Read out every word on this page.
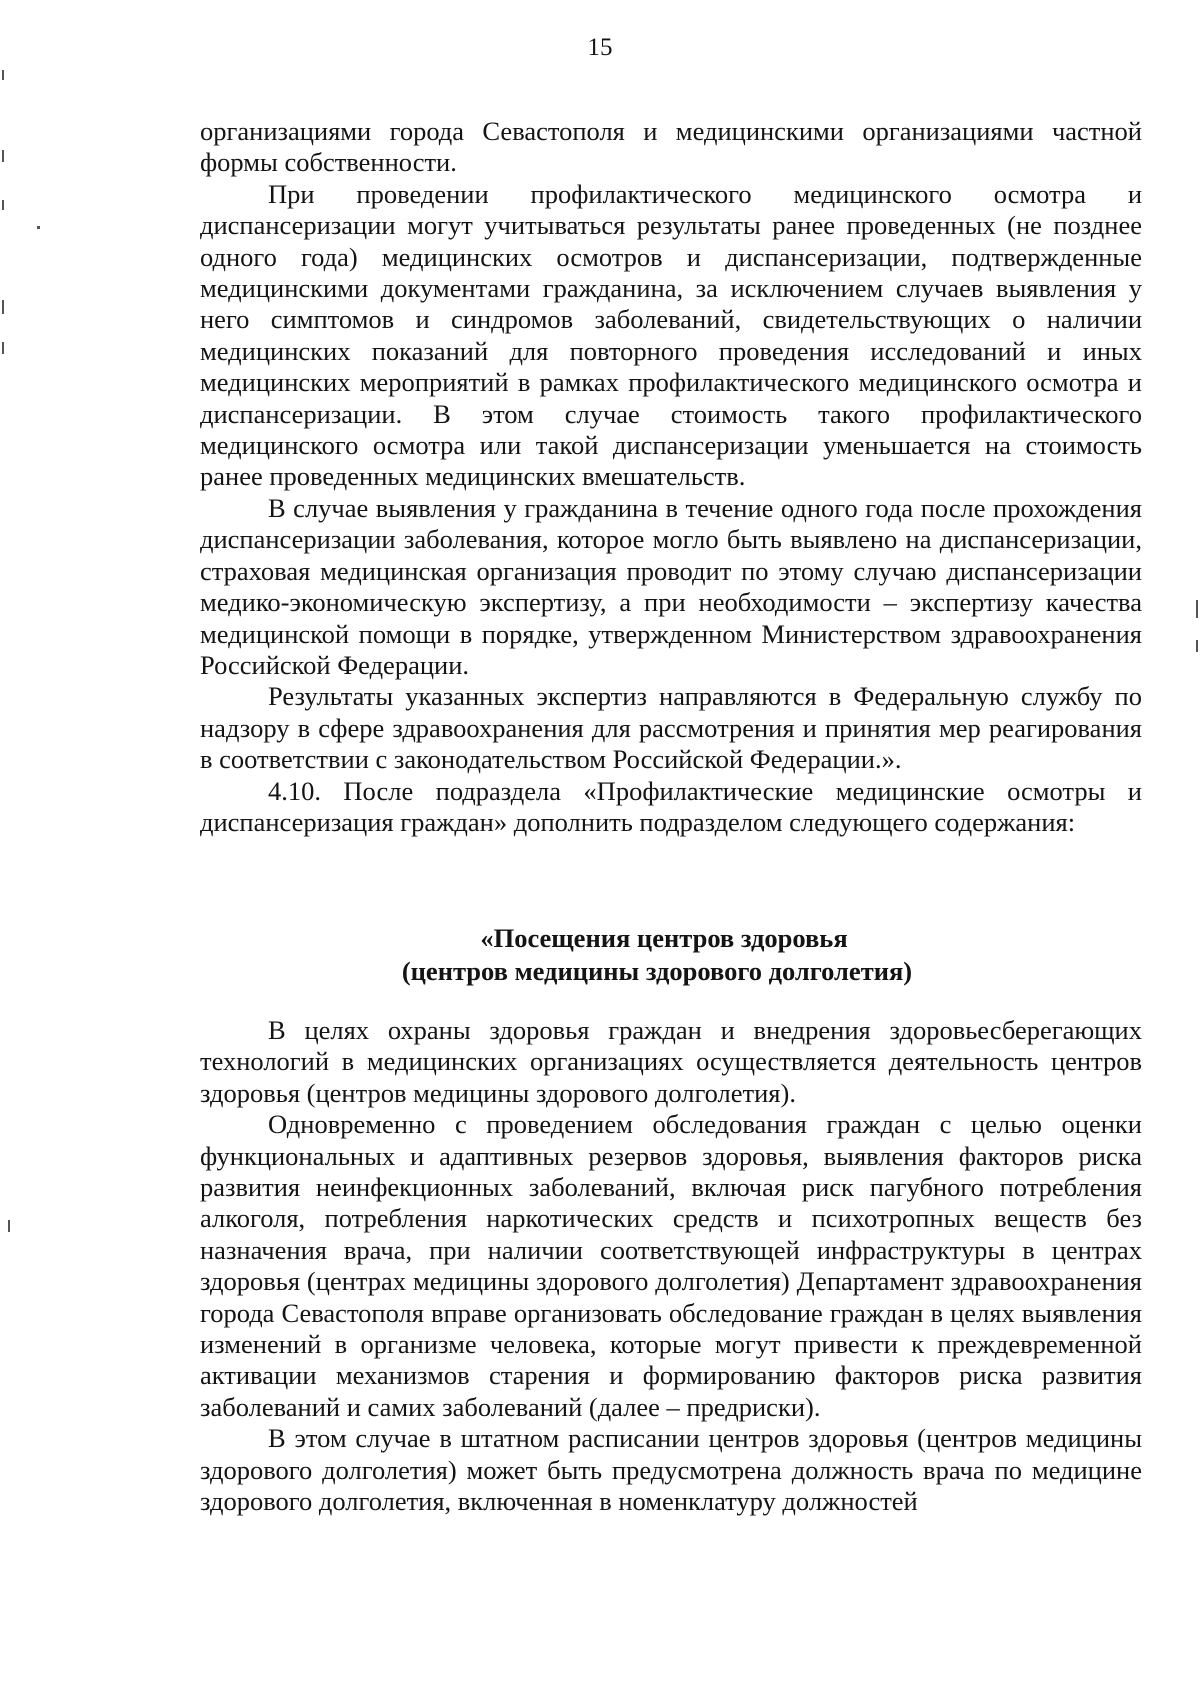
15

организациями города Севастополя и медицинскими организациями частной формы собственности.

При проведении профилактического медицинского осмотра и диспансеризации могут учитываться результаты ранее проведенных (не позднее одного года) медицинских осмотров и диспансеризации, подтвержденные медицинскими документами гражданина, за исключением случаев выявления у него симптомов и синдромов заболеваний, свидетельствующих о наличии медицинских показаний для повторного проведения исследований и иных медицинских мероприятий в рамках профилактического медицинского осмотра и диспансеризации. В этом случае стоимость такого профилактического медицинского осмотра или такой диспансеризации уменьшается на стоимость ранее проведенных медицинских вмешательств.

В случае выявления у гражданина в течение одного года после прохождения диспансеризации заболевания, которое могло быть выявлено на диспансеризации, страховая медицинская организация проводит по этому случаю диспансеризации медико-экономическую экспертизу, а при необходимости – экспертизу качества медицинской помощи в порядке, утвержденном Министерством здравоохранения Российской Федерации.

Результаты указанных экспертиз направляются в Федеральную службу по надзору в сфере здравоохранения для рассмотрения и принятия мер реагирования в соответствии с законодательством Российской Федерации.».

4.10. После подраздела «Профилактические медицинские осмотры и диспансеризация граждан» дополнить подразделом следующего содержания:

«Посещения центров здоровья
(центров медицины здорового долголетия)

В целях охраны здоровья граждан и внедрения здоровьесберегающих технологий в медицинских организациях осуществляется деятельность центров здоровья (центров медицины здорового долголетия).

Одновременно с проведением обследования граждан с целью оценки функциональных и адаптивных резервов здоровья, выявления факторов риска развития неинфекционных заболеваний, включая риск пагубного потребления алкоголя, потребления наркотических средств и психотропных веществ без назначения врача, при наличии соответствующей инфраструктуры в центрах здоровья (центрах медицины здорового долголетия) Департамент здравоохранения города Севастополя вправе организовать обследование граждан в целях выявления изменений в организме человека, которые могут привести к преждевременной активации механизмов старения и формированию факторов риска развития заболеваний и самих заболеваний (далее – предриски).

В этом случае в штатном расписании центров здоровья (центров медицины здорового долголетия) может быть предусмотрена должность врача по медицине здорового долголетия, включенная в номенклатуру должностей
